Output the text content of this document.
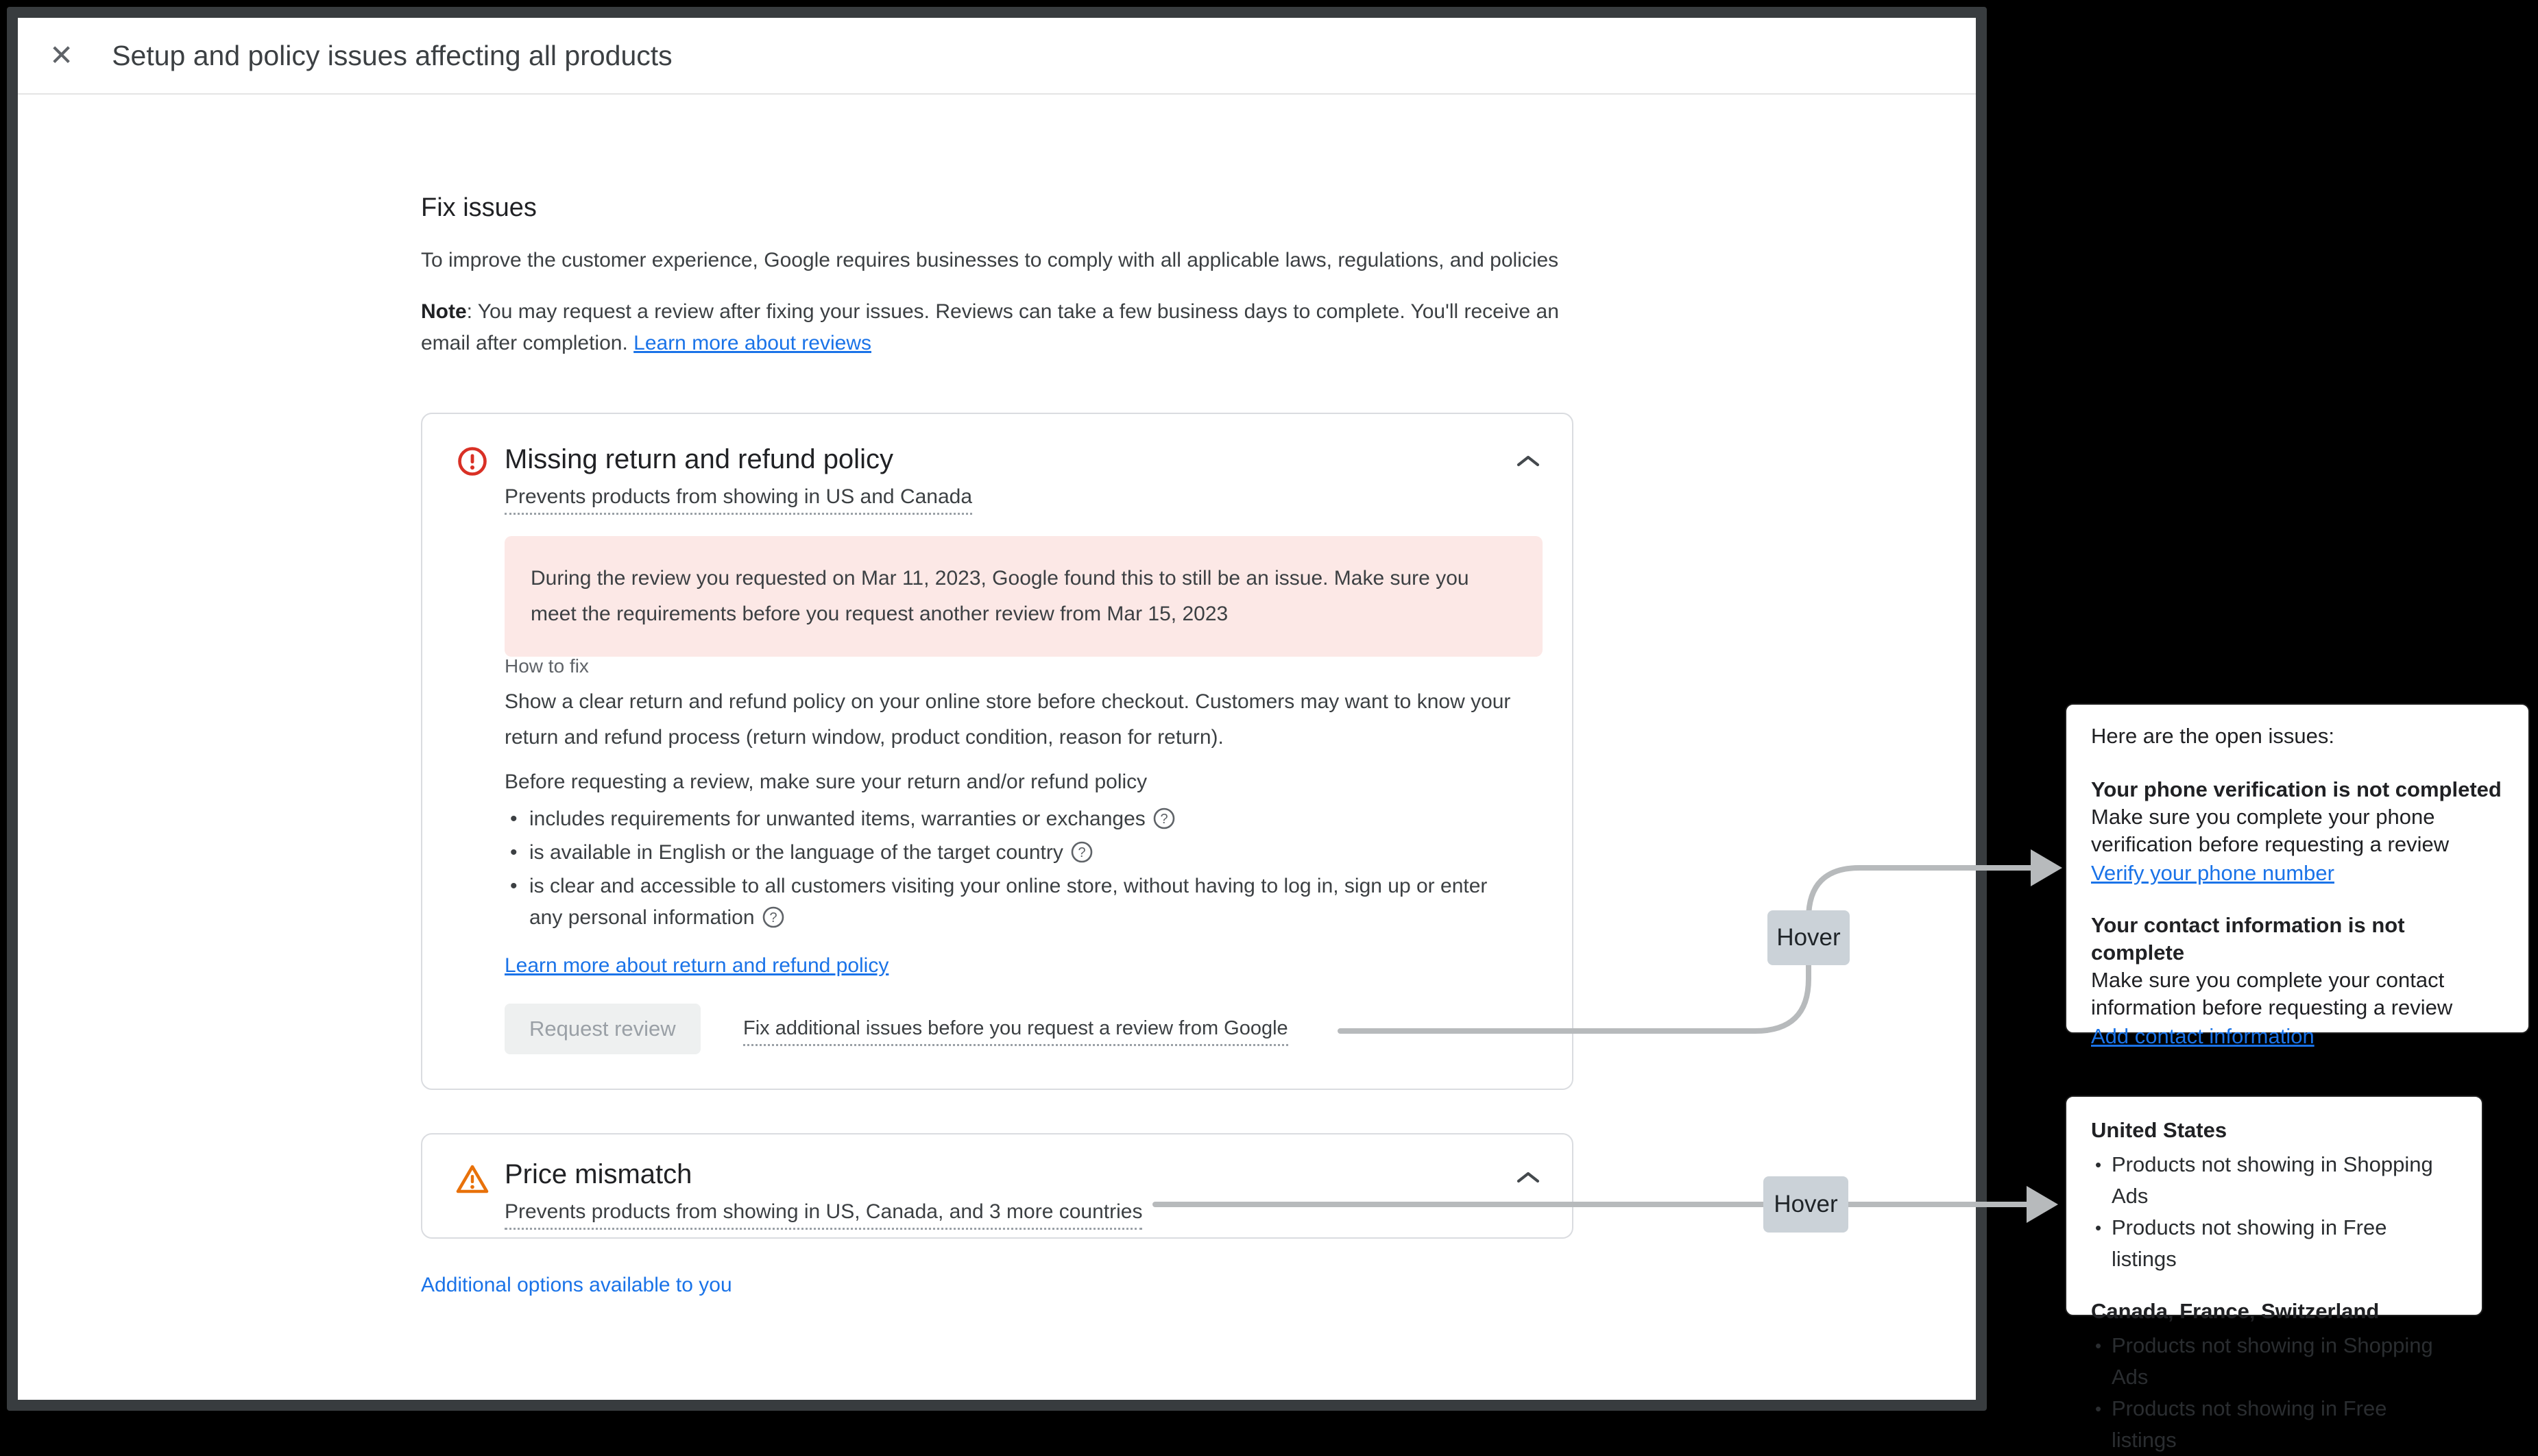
✕ Setup and policy issues affecting all products
Fix issues
To improve the customer experience, Google requires businesses to comply with all applicable laws, regulations, and policies
Note: You may request a review after fixing your issues. Reviews can take a few business days to complete. You'll receive an email after completion. Learn more about reviews
Missing return and refund policy
Prevents products from showing in US and Canada
During the review you requested on Mar 11, 2023, Google found this to still be an issue. Make sure you meet the requirements before you request another review from Mar 15, 2023
How to fix
Show a clear return and refund policy on your online store before checkout. Customers may want to know your return and refund process (return window, product condition, reason for return).
Before requesting a review, make sure your return and/or refund policy
• includes requirements for unwanted items, warranties or exchanges ?
• is available in English or the language of the target country ?
• is clear and accessible to all customers visiting your online store, without having to log in, sign up or enter any personal information ?
Learn more about return and refund policy
Request review	Fix additional issues before you request a review from Google
Price mismatch
Prevents products from showing in US, Canada, and 3 more countries
Additional options available to you
Hover
Hover
Here are the open issues:
Your phone verification is not completed
Make sure you complete your phone verification before requesting a review
Verify your phone number
Your contact information is not complete
Make sure you complete your contact information before requesting a review
Add contact information
United States
• Products not showing in Shopping Ads
• Products not showing in Free listings
Canada, France, Switzerland
• Products not showing in Shopping Ads
• Products not showing in Free listings
